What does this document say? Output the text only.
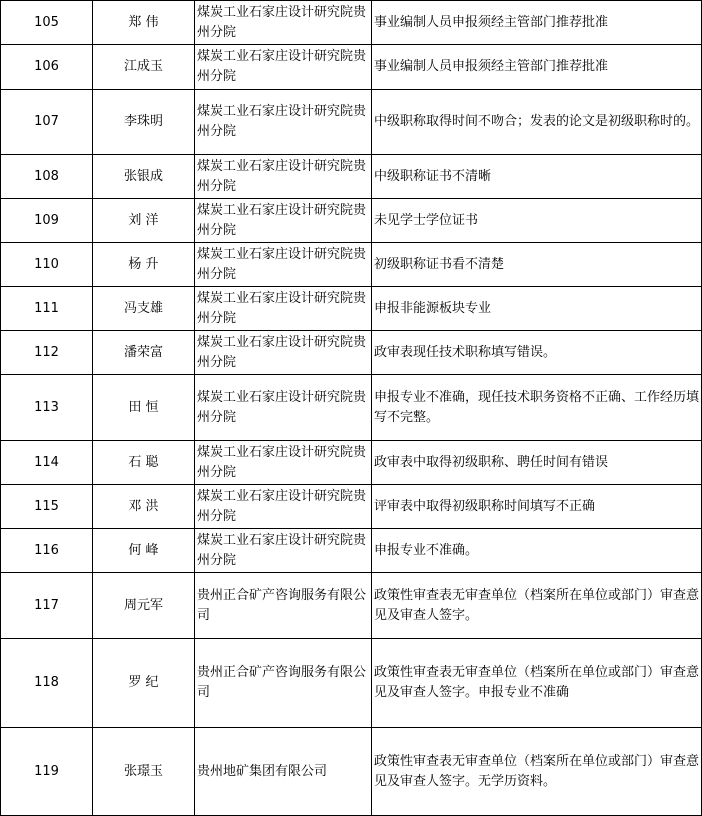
105	郑 伟	煤炭工业石家庄设计研究院贵州分院	事业编制人员申报须经主管部门推荐批准
106	江成玉	煤炭工业石家庄设计研究院贵州分院	事业编制人员申报须经主管部门推荐批准
107	李珠明	煤炭工业石家庄设计研究院贵州分院	中级职称取得时间不吻合；发表的论文是初级职称时的。
108	张银成	煤炭工业石家庄设计研究院贵州分院	中级职称证书不清晰
109	刘 洋	煤炭工业石家庄设计研究院贵州分院	未见学士学位证书
110	杨 升	煤炭工业石家庄设计研究院贵州分院	初级职称证书看不清楚
111	冯支雄	煤炭工业石家庄设计研究院贵州分院	申报非能源板块专业
112	潘荣富	煤炭工业石家庄设计研究院贵州分院	政审表现任技术职称填写错误。
113	田 恒	煤炭工业石家庄设计研究院贵州分院	申报专业不准确，现任技术职务资格不正确、工作经历填写不完整。
114	石 聪	煤炭工业石家庄设计研究院贵州分院	政审表中取得初级职称、聘任时间有错误
115	邓 洪	煤炭工业石家庄设计研究院贵州分院	评审表中取得初级职称时间填写不正确
116	何 峰	煤炭工业石家庄设计研究院贵州分院	申报专业不准确。
117	周元军	贵州正合矿产咨询服务有限公司	政策性审查表无审查单位（档案所在单位或部门）审查意见及审查人签字。
118	罗 纪	贵州正合矿产咨询服务有限公司	政策性审查表无审查单位（档案所在单位或部门）审查意见及审查人签字。申报专业不准确
119	张璟玉	贵州地矿集团有限公司	政策性审查表无审查单位（档案所在单位或部门）审查意见及审查人签字。无学历资料。
